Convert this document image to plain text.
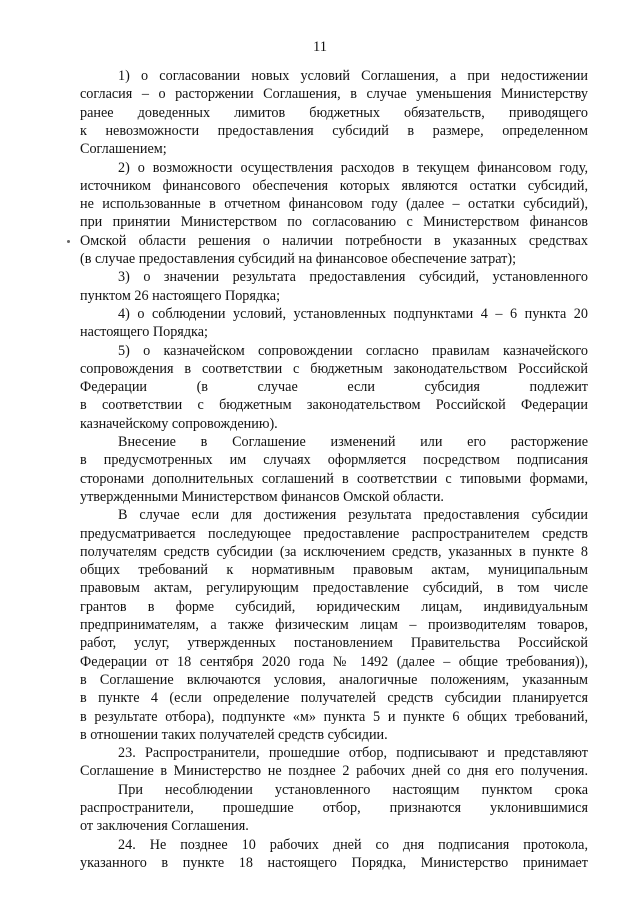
11
1) о согласовании новых условий Соглашения, а при недостижении
согласия – о расторжении Соглашения, в случае уменьшения Министерству
ранее доведенных лимитов бюджетных обязательств, приводящего
к невозможности предоставления субсидий в размере, определенном
Соглашением;
2) о возможности осуществления расходов в текущем финансовом году,
источником финансового обеспечения которых являются остатки субсидий,
не использованные в отчетном финансовом году (далее – остатки субсидий),
при принятии Министерством по согласованию с Министерством финансов
Омской области решения о наличии потребности в указанных средствах
(в случае предоставления субсидий на финансовое обеспечение затрат);
3) о значении результата предоставления субсидий, установленного
пунктом 26 настоящего Порядка;
4) о соблюдении условий, установленных подпунктами 4 – 6 пункта 20
настоящего Порядка;
5) о казначейском сопровождении согласно правилам казначейского
сопровождения в соответствии с бюджетным законодательством Российской
Федерации (в случае если субсидия подлежит
в соответствии с бюджетным законодательством Российской Федерации
казначейскому сопровождению).
Внесение в Соглашение изменений или его расторжение
в предусмотренных им случаях оформляется посредством подписания
сторонами дополнительных соглашений в соответствии с типовыми формами,
утвержденными Министерством финансов Омской области.
В случае если для достижения результата предоставления субсидии
предусматривается последующее предоставление распространителем средств
получателям средств субсидии (за исключением средств, указанных в пункте 8
общих требований к нормативным правовым актам, муниципальным
правовым актам, регулирующим предоставление субсидий, в том числе
грантов в форме субсидий, юридическим лицам, индивидуальным
предпринимателям, а также физическим лицам – производителям товаров,
работ, услуг, утвержденных постановлением Правительства Российской
Федерации от 18 сентября 2020 года № 1492 (далее – общие требования)),
в Соглашение включаются условия, аналогичные положениям, указанным
в пункте 4 (если определение получателей средств субсидии планируется
в результате отбора), подпункте «м» пункта 5 и пункте 6 общих требований,
в отношении таких получателей средств субсидии.
23. Распространители, прошедшие отбор, подписывают и представляют
Соглашение в Министерство не позднее 2 рабочих дней со дня его получения.
При несоблюдении установленного настоящим пунктом срока
распространители, прошедшие отбор, признаются уклонившимися
от заключения Соглашения.
24. Не позднее 10 рабочих дней со дня подписания протокола,
указанного в пункте 18 настоящего Порядка, Министерство принимает
